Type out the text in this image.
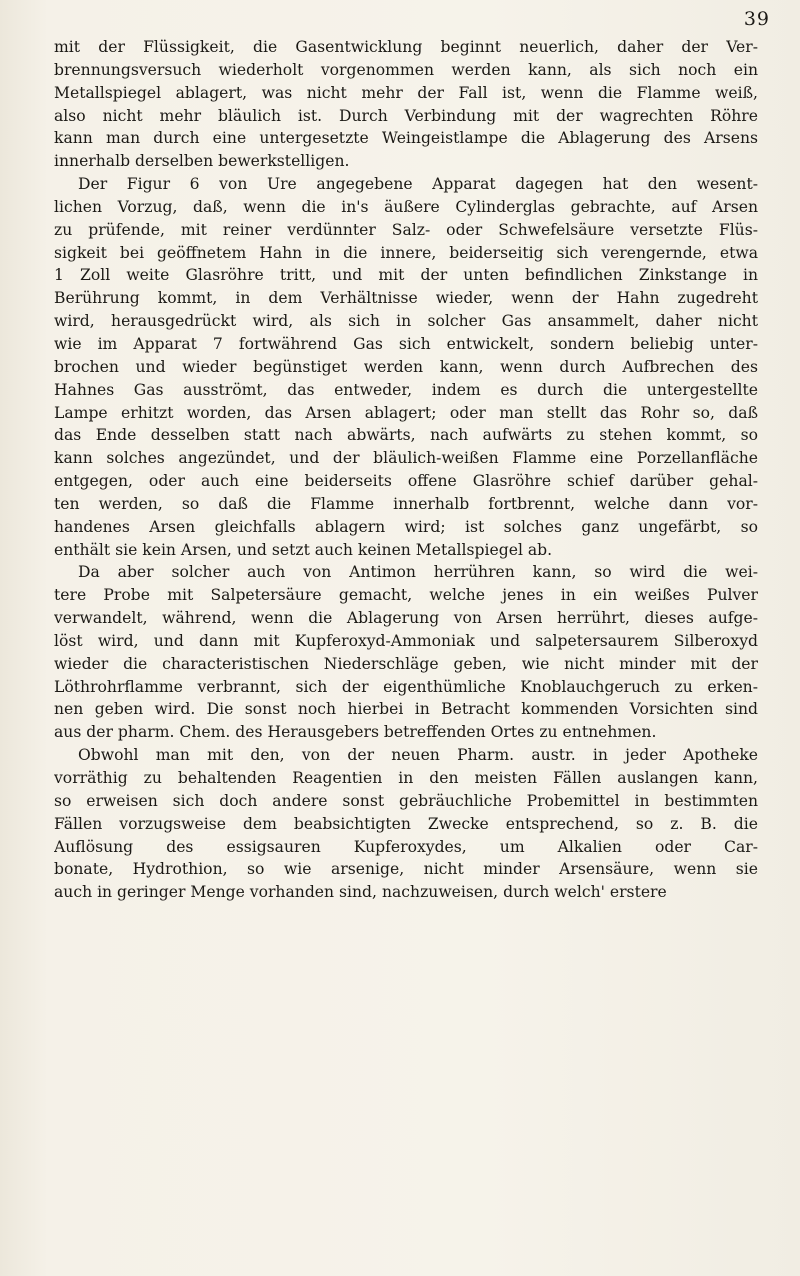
39
mit der Flüssigkeit, die Gasentwicklung beginnt neuerlich, daher der Ver-
brennungsversuch wiederholt vorgenommen werden kann, als sich noch ein
Metallspiegel ablagert, was nicht mehr der Fall ist, wenn die Flamme weiß,
also nicht mehr bläulich ist. Durch Verbindung mit der wagrechten Röhre
kann man durch eine untergesetzte Weingeistlampe die Ablagerung des Arsens
innerhalb derselben bewerkstelligen.
Der Figur 6 von Ure angegebene Apparat dagegen hat den wesent-
lichen Vorzug, daß, wenn die in's äußere Cylinderglas gebrachte, auf Arsen
zu prüfende, mit reiner verdünnter Salz- oder Schwefelsäure versetzte Flüs-
sigkeit bei geöffnetem Hahn in die innere, beiderseitig sich verengernde, etwa
1 Zoll weite Glasröhre tritt, und mit der unten befindlichen Zinkstange in
Berührung kommt, in dem Verhältnisse wieder, wenn der Hahn zugedreht
wird, herausgedrückt wird, als sich in solcher Gas ansammelt, daher nicht
wie im Apparat 7 fortwährend Gas sich entwickelt, sondern beliebig unter-
brochen und wieder begünstiget werden kann, wenn durch Aufbrechen des
Hahnes Gas ausströmt, das entweder, indem es durch die untergestellte
Lampe erhitzt worden, das Arsen ablagert; oder man stellt das Rohr so, daß
das Ende desselben statt nach abwärts, nach aufwärts zu stehen kommt, so
kann solches angezündet, und der bläulich-weißen Flamme eine Porzellanfläche
entgegen, oder auch eine beiderseits offene Glasröhre schief darüber gehal-
ten werden, so daß die Flamme innerhalb fortbrennt, welche dann vor-
handenes Arsen gleichfalls ablagern wird; ist solches ganz ungefärbt, so
enthält sie kein Arsen, und setzt auch keinen Metallspiegel ab.
Da aber solcher auch von Antimon herrühren kann, so wird die wei-
tere Probe mit Salpetersäure gemacht, welche jenes in ein weißes Pulver
verwandelt, während, wenn die Ablagerung von Arsen herrührt, dieses aufge-
löst wird, und dann mit Kupferoxyd-Ammoniak und salpetersaurem Silberoxyd
wieder die characteristischen Niederschläge geben, wie nicht minder mit der
Löthrohrflamme verbrannt, sich der eigenthümliche Knoblauchgeruch zu erken-
nen geben wird. Die sonst noch hierbei in Betracht kommenden Vorsichten sind
aus der pharm. Chem. des Herausgebers betreffenden Ortes zu entnehmen.
Obwohl man mit den, von der neuen Pharm. austr. in jeder Apotheke
vorräthig zu behaltenden Reagentien in den meisten Fällen auslangen kann,
so erweisen sich doch andere sonst gebräuchliche Probemittel in bestimmten
Fällen vorzugsweise dem beabsichtigten Zwecke entsprechend, so z. B. die
Auflösung des essigsauren Kupferoxydes, um Alkalien oder Car-
bonate, Hydrothion, so wie arsenige, nicht minder Arsensäure, wenn sie
auch in geringer Menge vorhanden sind, nachzuweisen, durch welch' erstere
